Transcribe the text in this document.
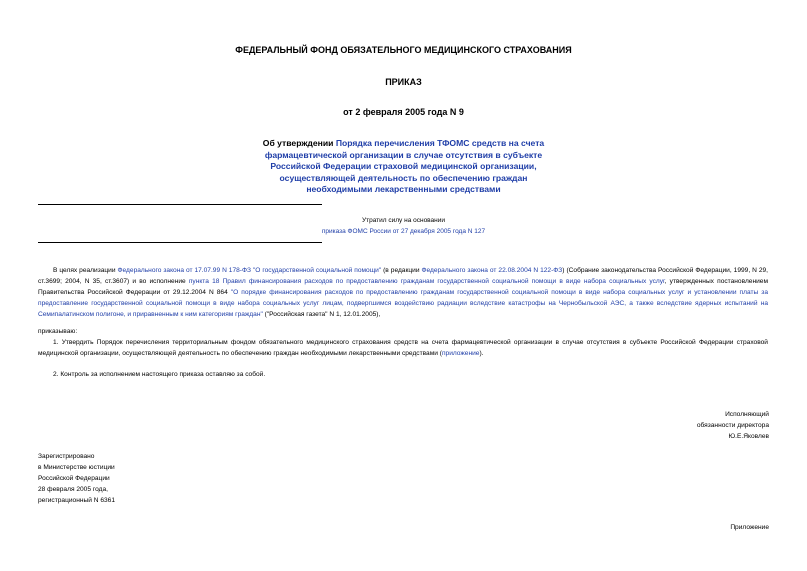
ФЕДЕРАЛЬНЫЙ ФОНД ОБЯЗАТЕЛЬНОГО МЕДИЦИНСКОГО СТРАХОВАНИЯ
ПРИКАЗ
от 2 февраля 2005 года N 9
Об утверждении Порядка перечисления ТФОМС средств на счета
фармацевтической организации в случае отсутствия в субъекте
Российской Федерации страховой медицинской организации,
осуществляющей деятельность по обеспечению граждан
необходимыми лекарственными средствами
Утратил силу на основании
приказа ФОМС России от 27 декабря 2005 года N 127
В целях реализации Федерального закона от 17.07.99 N 178-ФЗ "О государственной социальной помощи" (в редакции Федерального закона от 22.08.2004 N 122-ФЗ) (Собрание законодательства Российской Федерации, 1999, N 29, ст.3699; 2004, N 35, ст.3607) и во исполнение пункта 18 Правил финансирования расходов по предоставлению гражданам государственной социальной помощи в виде набора социальных услуг, утвержденных постановлением Правительства Российской Федерации от 29.12.2004 N 864 "О порядке финансирования расходов по предоставлению гражданам государственной социальной помощи в виде набора социальных услуг и установлении платы за предоставление государственной социальной помощи в виде набора социальных услуг лицам, подвергшимся воздействию радиации вследствие катастрофы на Чернобыльской АЭС, а также вследствие ядерных испытаний на Семипалатинском полигоне, и приравненным к ним категориям граждан" ("Российская газета" N 1, 12.01.2005),
приказываю:
1. Утвердить Порядок перечисления территориальным фондом обязательного медицинского страхования средств на счета фармацевтической организации в случае отсутствия в субъекте Российской Федерации страховой медицинской организации, осуществляющей деятельность по обеспечению граждан необходимыми лекарственными средствами (приложение).
2. Контроль за исполнением настоящего приказа оставляю за собой.
Исполняющий
обязанности директора
Ю.Е.Яковлев
Зарегистрировано
в Министерстве юстиции
Российской Федерации
28 февраля 2005 года,
регистрационный N 6361
Приложение
